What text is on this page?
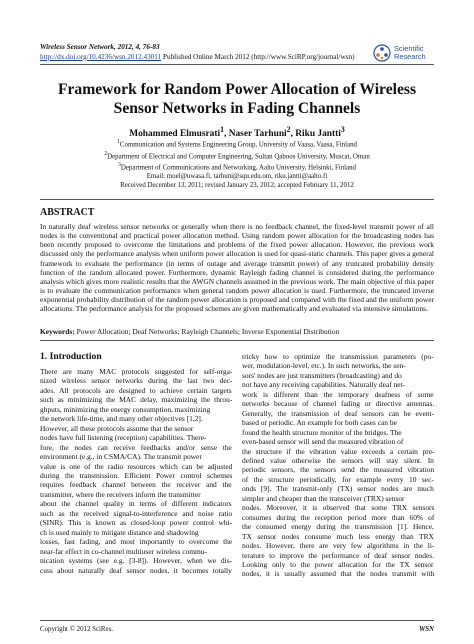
Wireless Sensor Network, 2012, 4, 76-83
http://dx.doi.org/10.4236/wsn.2012.43011 Published Online March 2012 (http://www.SciRP.org/journal/wsn)
Scientific
Research
Framework for Random Power Allocation of Wireless
Sensor Networks in Fading Channels
Mohammed Elmusrati$^1$, Naser Tarhuni$^2$, Riku Jantti$^3$
$^1$Communication and Systems Engineering Group, University of Vaasa, Vaasa, Finland
$^2$Department of Electrical and Computer Engineering, Sultan Qaboos University, Muscat, Oman
$^3$Department of Communications and Networking, Aalto University, Helsinki, Finland
Email: moel@uwasa.fi, tarhuni@squ.edu.om, riku.jantti@aalto.fi
Received December 13, 2011; revised January 23, 2012; accepted February 11, 2012
ABSTRACT
In naturally deaf wireless sensor networks or generally when there is no feedback channel, the fixed-level transmit power of all nodes is the conventional and practical power allocation method. Using random power allocation for the broadcasting nodes has been recently proposed to overcome the limitations and problems of the fixed power allocation. However, the previous work discussed only the performance analysis when uniform power allocation is used for quasi-static channels. This paper gives a general framework to evaluate the performance (in terms of outage and average transmit power) of any truncated probability density function of the random allocated power. Furthermore, dynamic Rayleigh fading channel is considered during the performance analysis which gives more realistic results that the AWGN channels assumed in the previous work. The main objective of this paper is to evaluate the communication performance when general random power allocation is used. Furthermore, the truncated inverse exponential probability distribution of the random power allocation is proposed and compared with the fixed and the uniform power allocations. The performance analysis for the proposed schemes are given mathematically and evaluated via intensive simulations.
Keywords: Power Allocation; Deaf Networks; Rayleigh Channels; Inverse Exponential Distribution
1. Introduction
There are many MAC protocols suggested for self-orga-
nized wireless sensor networks during the last two dec-
ades. All protocols are designed to achieve certain targets
such as minimizing the MAC delay, maximizing the throu-
ghputs, minimizing the energy consumption, maximizing
the network life-time, and many other objectives [1,2].
However, all these protocols assume that the sensor
nodes have full listening (reception) capabilities. There-
fore, the nodes can receive feedbacks and/or sense the
environment (e.g., in CSMA/CA). The transmit power
value is one of the radio resources which can be adjusted
during the transmission. Efficient Power control schemes
requires feedback channel between the receiver and the
transmitter, where the receivers inform the transmitter
about the channel quality in terms of different indicators
such as the received signal-to-interference and noise ratio
(SINR). This is known as closed-loop power control whi-
ch is used mainly to mitigate distance and shadowing
losses, fast fading, and most importantly to overcome the
near-far effect in co-channel multiuser wireless commu-
nication systems (see e.g. [3-8]). However, when we dis-
cuss about naturally deaf sensor nodes, it becomes totally
tricky how to optimize the transmission parameters (po-
wer, modulation-level, etc.). In such networks, the sen-
sors' nodes are just transmitters (broadcasting) and do
not have any receiving capabilities. Naturally deaf net-
work is different than the temporary deafness of some
networks because of channel fading or directive antennas.
Generally, the transmission of deaf sensors can be event-
based or periodic. An example for both cases can be
found the health structure monitor of the bridges. The
even-based sensor will send the measured vibration of
the structure if the vibration value exceeds a certain pre-
defined value otherwise the sensors will stay silent. In
periodic sensors, the sensors send the measured vibration
of the structure periodically, for example every 10 sec-
onds [9]. The transmit-only (TX) sensor nodes are much
simpler and cheaper than the transceiver (TRX) sensor
nodes. Moreover, it is observed that some TRX sensors
consumes during the reception period more than 60% of
the consumed energy during the transmission [1]. Hence,
TX sensor nodes consume much less energy than TRX
nodes. However, there are very few algorithms in the li-
terature to improve the performance of deaf sensor nodes.
Looking only to the power allocation for the TX sensor
nodes, it is usually assumed that the nodes transmit with
Copyright © 2012 SciRes.	WSN
